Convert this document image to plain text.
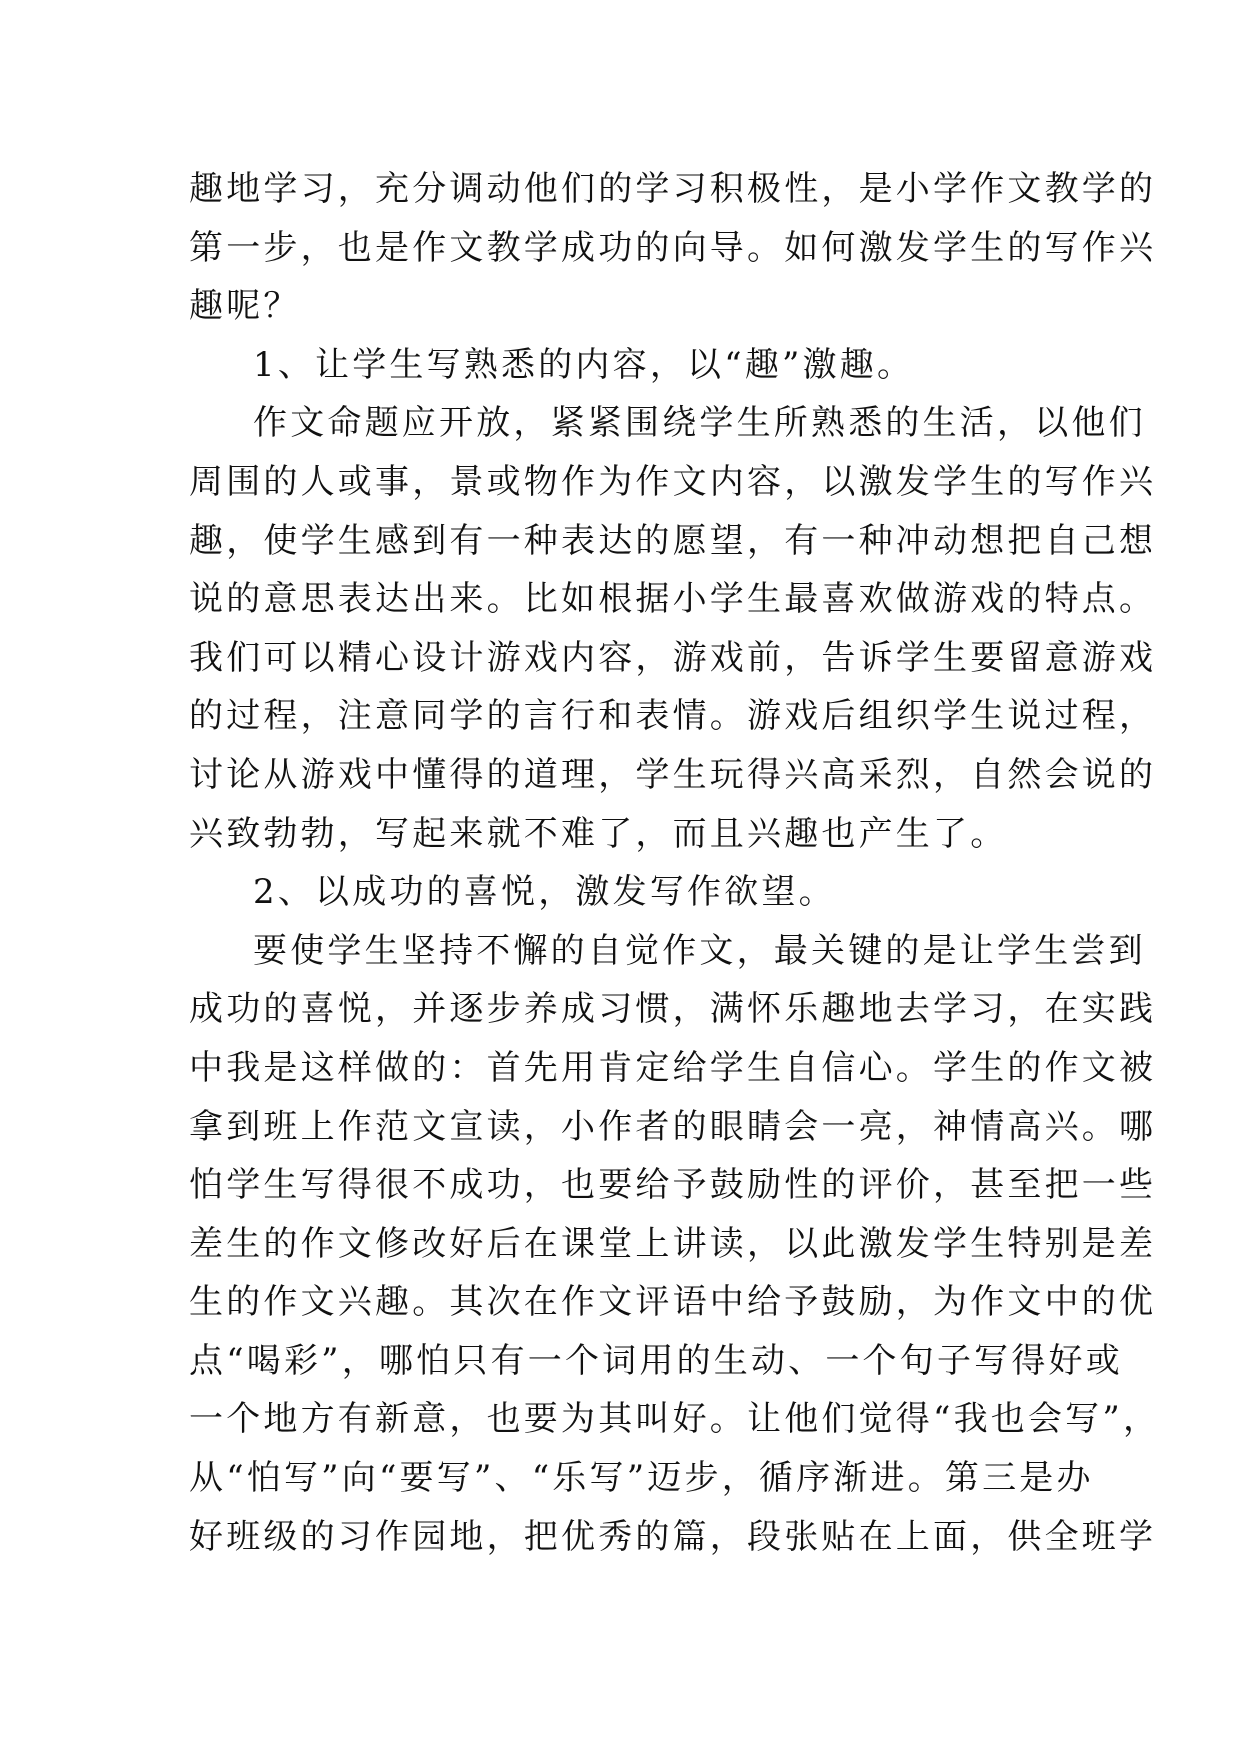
趣地学习，充分调动他们的学习积极性，是小学作文教学的
第一步，也是作文教学成功的向导。如何激发学生的写作兴
趣呢？
1、让学生写熟悉的内容，以“趣”激趣。
作文命题应开放，紧紧围绕学生所熟悉的生活，以他们
周围的人或事，景或物作为作文内容，以激发学生的写作兴
趣，使学生感到有一种表达的愿望，有一种冲动想把自己想
说的意思表达出来。比如根据小学生最喜欢做游戏的特点。
我们可以精心设计游戏内容，游戏前，告诉学生要留意游戏
的过程，注意同学的言行和表情。游戏后组织学生说过程，
讨论从游戏中懂得的道理，学生玩得兴高采烈，自然会说的
兴致勃勃，写起来就不难了，而且兴趣也产生了。
2、以成功的喜悦，激发写作欲望。
要使学生坚持不懈的自觉作文，最关键的是让学生尝到
成功的喜悦，并逐步养成习惯，满怀乐趣地去学习，在实践
中我是这样做的：首先用肯定给学生自信心。学生的作文被
拿到班上作范文宣读，小作者的眼睛会一亮，神情高兴。哪
怕学生写得很不成功，也要给予鼓励性的评价，甚至把一些
差生的作文修改好后在课堂上讲读，以此激发学生特别是差
生的作文兴趣。其次在作文评语中给予鼓励，为作文中的优
点“喝彩”，哪怕只有一个词用的生动、一个句子写得好或
一个地方有新意，也要为其叫好。让他们觉得“我也会写”，
从“怕写”向“要写”、“乐写”迈步，循序渐进。第三是办
好班级的习作园地，把优秀的篇，段张贴在上面，供全班学
